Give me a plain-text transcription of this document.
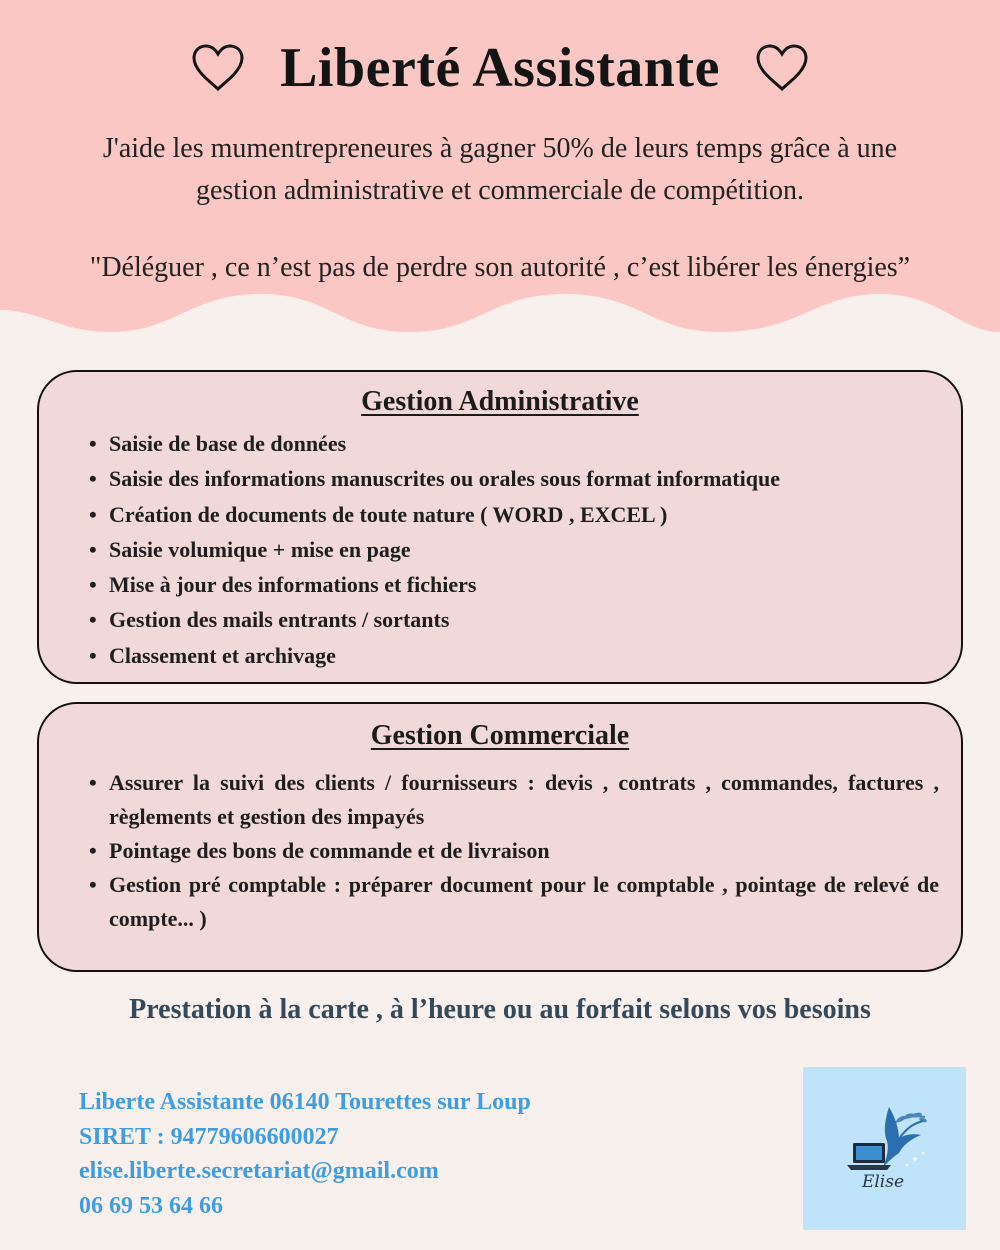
Liberté Assistante
J'aide les mumentrepreneures à gagner 50% de leurs temps grâce à une
gestion administrative et commerciale de compétition.
"Déléguer , ce n’est pas de perdre son autorité , c’est libérer les énergies”

Gestion Administrative

• Saisie de base de données
• Saisie des informations manuscrites ou orales sous format informatique
• Création de documents de toute nature ( WORD , EXCEL )
• Saisie volumique + mise en page
• Mise à jour des informations et fichiers
• Gestion des mails entrants / sortants
• Classement et archivage

Gestion Commerciale

• Assurer la suivi des clients / fournisseurs : devis , contrats , commandes, factures , règlements et gestion des impayés
• Pointage des bons de commande et de livraison
• Gestion pré comptable : préparer document pour le comptable , pointage de relevé de compte... )
Prestation à la carte , à l’heure ou au forfait selons vos besoins
Liberte Assistante 06140 Tourettes sur Loup
SIRET : 94779606600027
elise.liberte.secretariat@gmail.com
06 69 53 64 66
Elise
